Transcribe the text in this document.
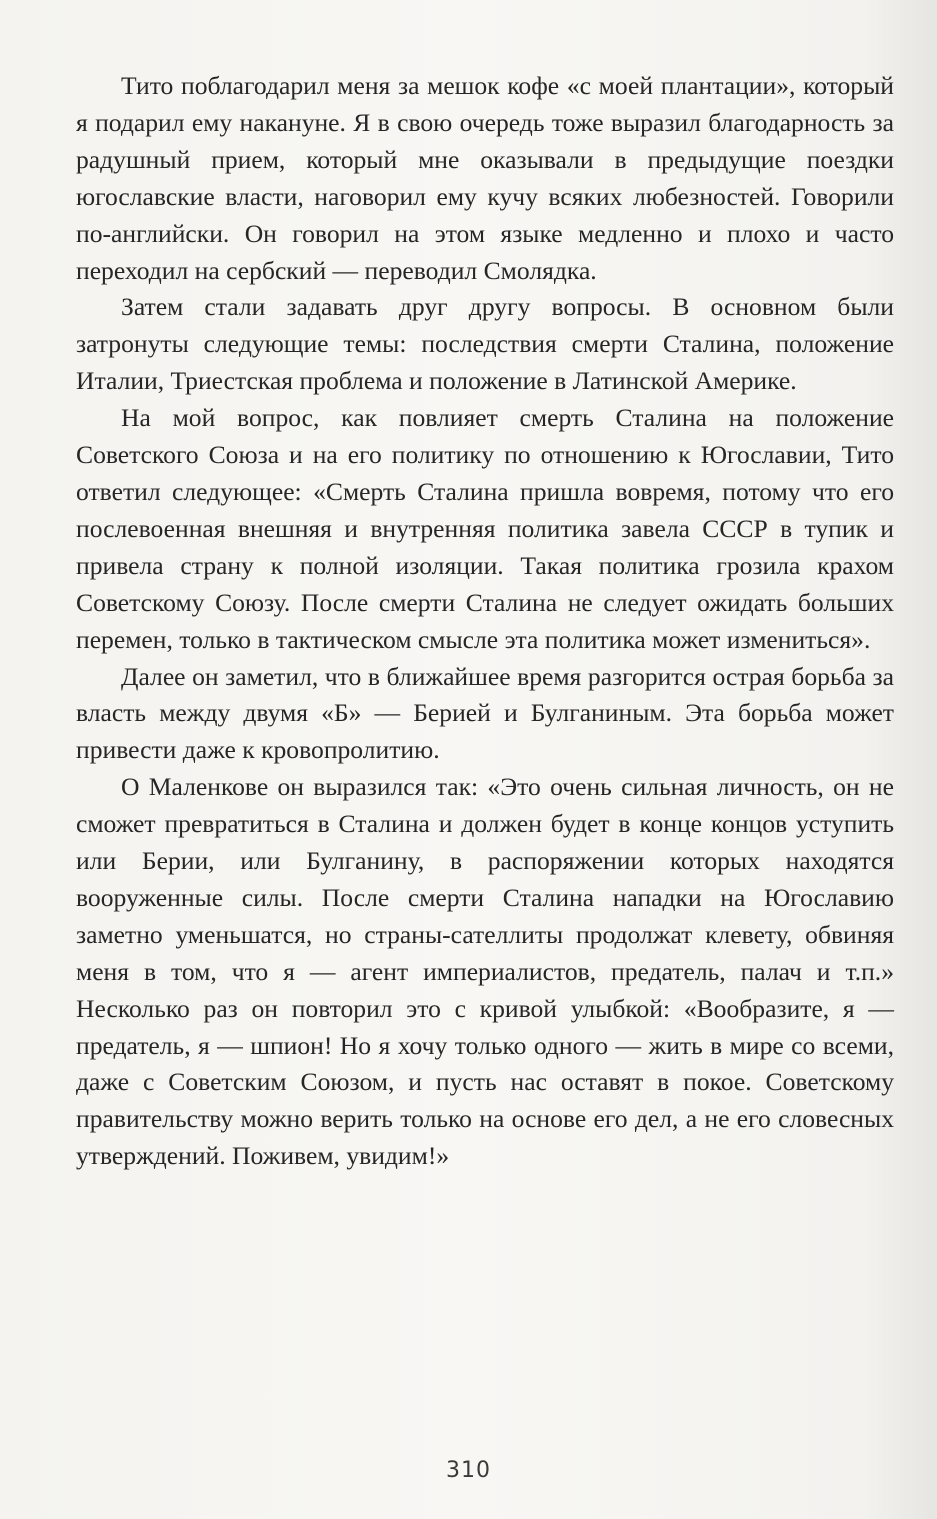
Тито поблагодарил меня за мешок кофе «с моей плантации», который я подарил ему накануне. Я в свою очередь тоже выразил благодарность за радушный прием, который мне оказывали в предыдущие поездки югославские власти, наговорил ему кучу всяких любезностей. Говорили по-английски. Он говорил на этом языке медленно и плохо и часто переходил на сербский — переводил Смолядка.

Затем стали задавать друг другу вопросы. В основном были затронуты следующие темы: последствия смерти Сталина, положение Италии, Триестская проблема и положение в Латинской Америке.

На мой вопрос, как повлияет смерть Сталина на положение Советского Союза и на его политику по отношению к Югославии, Тито ответил следующее: «Смерть Сталина пришла вовремя, потому что его послевоенная внешняя и внутренняя политика завела СССР в тупик и привела страну к полной изоляции. Такая политика грозила крахом Советскому Союзу. После смерти Сталина не следует ожидать больших перемен, только в тактическом смысле эта политика может измениться».

Далее он заметил, что в ближайшее время разгорится острая борьба за власть между двумя «Б» — Берией и Булганиным. Эта борьба может привести даже к кровопролитию.

О Маленкове он выразился так: «Это очень сильная личность, он не сможет превратиться в Сталина и должен будет в конце концов уступить или Берии, или Булганину, в распоряжении которых находятся вооруженные силы. После смерти Сталина нападки на Югославию заметно уменьшатся, но страны-сателлиты продолжат клевету, обвиняя меня в том, что я — агент империалистов, предатель, палач и т.п.» Несколько раз он повторил это с кривой улыбкой: «Вообразите, я — предатель, я — шпион! Но я хочу только одного — жить в мире со всеми, даже с Советским Союзом, и пусть нас оставят в покое. Советскому правительству можно верить только на основе его дел, а не его словесных утверждений. Поживем, увидим!»

310
